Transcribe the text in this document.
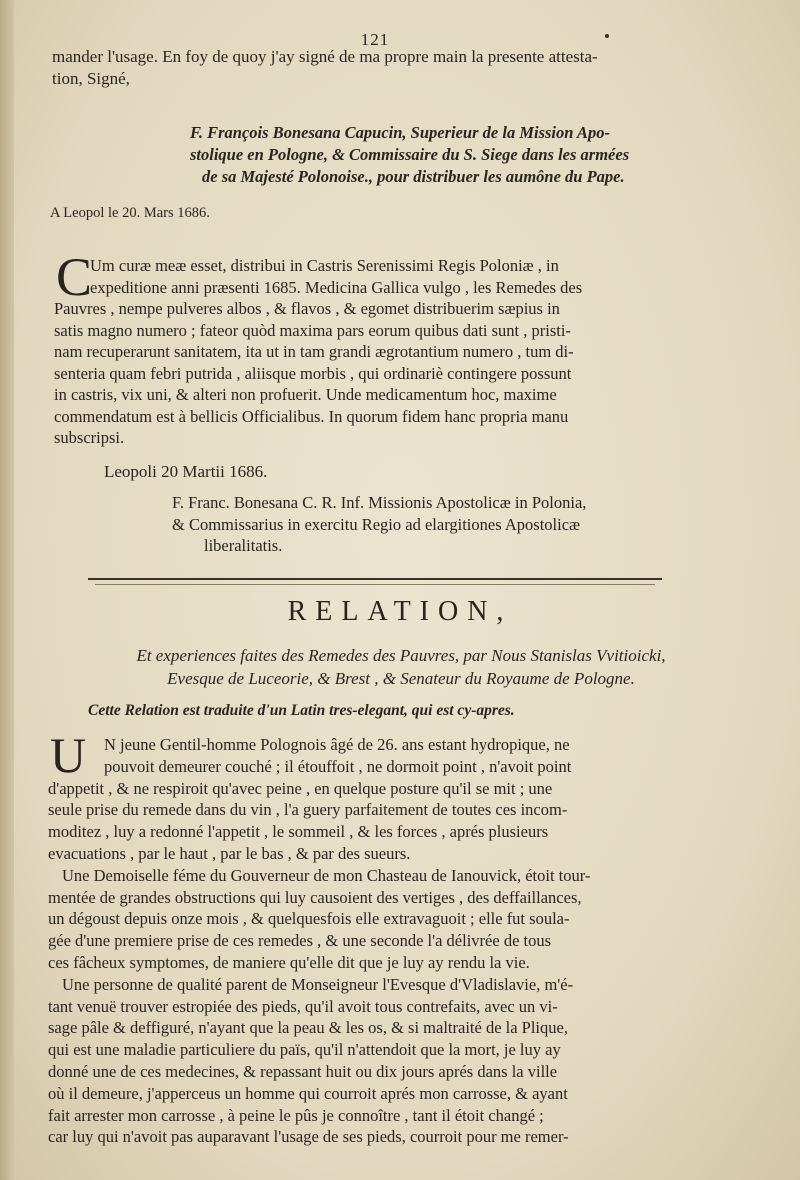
121
mander l'usage. En foy de quoy j'ay signé de ma propre main la presente attesta-
tion, Signé,
F. François Bonesana Capucin, Superieur de la Mission Apo-
stolique en Pologne, & Commissaire du S. Siege dans les armées
de sa Majesté Polonoise., pour distribuer les aumône du Pape.
A Leopol le 20. Mars 1686.
C
Um curæ meæ esset, distribui in Castris Serenissimi Regis Poloniæ , in
expeditione anni præsenti 1685. Medicina Gallica vulgo , les Remedes des
Pauvres , nempe pulveres albos , & flavos , & egomet distribuerim sæpius in
satis magno numero ; fateor quòd maxima pars eorum quibus dati sunt , pristi-
nam recuperarunt sanitatem, ita ut in tam grandi ægrotantium numero , tum di-
senteria quam febri putrida , aliisque morbis , qui ordinariè contingere possunt
in castris, vix uni, & alteri non profuerit. Unde medicamentum hoc, maxime
commendatum est à bellicis Officialibus. In quorum fidem hanc propria manu
subscripsi.
Leopoli 20 Martii 1686.
F. Franc. Bonesana C. R. Inf. Missionis Apostolicæ in Polonia,
& Commissarius in exercitu Regio ad elargitiones Apostolicæ
liberalitatis.
RELATION,
Et experiences faites des Remedes des Pauvres, par Nous Stanislas Vvitioicki,
Evesque de Luceorie, & Brest , & Senateur du Royaume de Pologne.
Cette Relation est traduite d'un Latin tres-elegant, qui est cy-apres.
U	N jeune Gentil-homme Polognois âgé de 26. ans estant hydropique, ne
pouvoit demeurer couché ; il étouffoit , ne dormoit point , n'avoit point
d'appetit , & ne respiroit qu'avec peine , en quelque posture qu'il se mit ; une
seule prise du remede dans du vin , l'a guery parfaitement de toutes ces incom-
moditez , luy a redonné l'appetit , le sommeil , & les forces , aprés plusieurs
evacuations , par le haut , par le bas , & par des sueurs.
Une Demoiselle féme du Gouverneur de mon Chasteau de Ianouvick, étoit tour-
mentée de grandes obstructions qui luy causoient des vertiges , des deffaillances,
un dégoust depuis onze mois , & quelquesfois elle extravaguoit ; elle fut soula-
gée d'une premiere prise de ces remedes , & une seconde l'a délivrée de tous
ces fâcheux symptomes, de maniere qu'elle dit que je luy ay rendu la vie.
Une personne de qualité parent de Monseigneur l'Evesque d'Vladislavie, m'é-
tant venuë trouver estropiée des pieds, qu'il avoit tous contrefaits, avec un vi-
sage pâle & deffiguré, n'ayant que la peau & les os, & si maltraité de la Plique,
qui est une maladie particuliere du païs, qu'il n'attendoit que la mort, je luy ay
donné une de ces medecines, & repassant huit ou dix jours aprés dans la ville
où il demeure, j'apperceus un homme qui courroit aprés mon carrosse, & ayant
fait arrester mon carrosse , à peine le pûs je connoître , tant il étoit changé ;
car luy qui n'avoit pas auparavant l'usage de ses pieds, courroit pour me remer-
